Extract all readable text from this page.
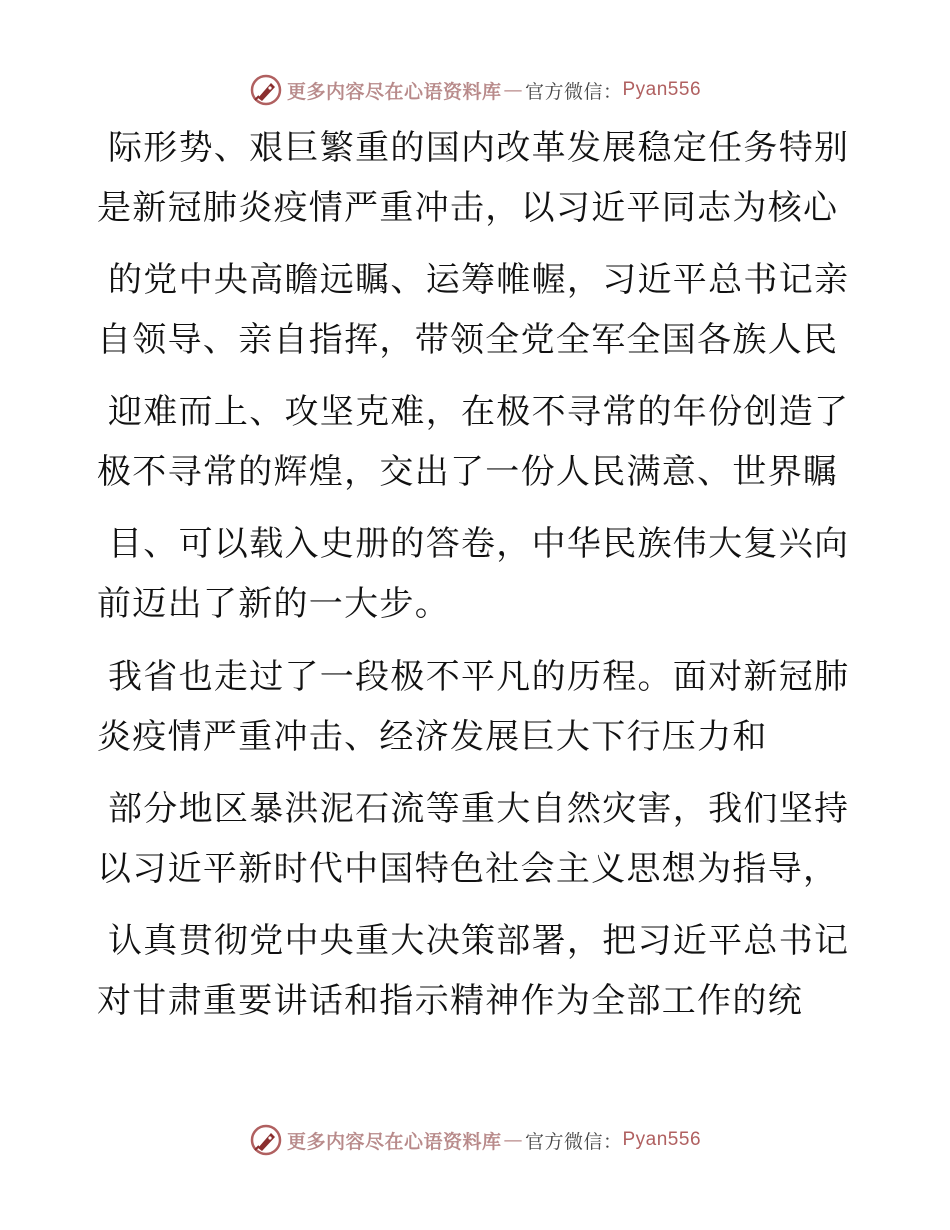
更多内容尽在心语资料库 — 官方微信： Pyan556
际形势、艰巨繁重的国内改革发展稳定任务特别
是新冠肺炎疫情严重冲击，以习近平同志为核心
的党中央高瞻远瞩、运筹帷幄，习近平总书记亲
自领导、亲自指挥，带领全党全军全国各族人民
迎难而上、攻坚克难，在极不寻常的年份创造了
极不寻常的辉煌，交出了一份人民满意、世界瞩
目、可以载入史册的答卷，中华民族伟大复兴向
前迈出了新的一大步。
我省也走过了一段极不平凡的历程。面对新冠肺
炎疫情严重冲击、经济发展巨大下行压力和
部分地区暴洪泥石流等重大自然灾害，我们坚持
以习近平新时代中国特色社会主义思想为指导，
认真贯彻党中央重大决策部署，把习近平总书记
对甘肃重要讲话和指示精神作为全部工作的统
更多内容尽在心语资料库 — 官方微信： Pyan556
